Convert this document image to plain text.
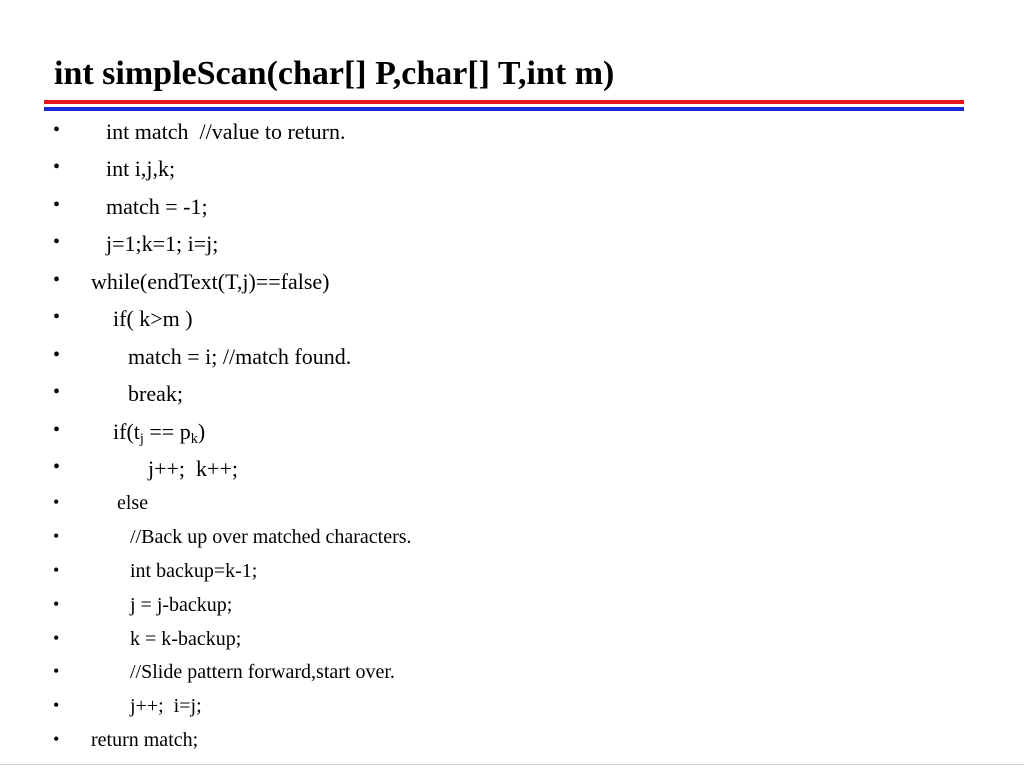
int simpleScan(char[] P,char[] T,int m)
• int match  //value to return.
• int i,j,k;
• match = -1;
• j=1;k=1; i=j;
• while(endText(T,j)==false)
• if( k>m )
•	match = i; //match found.
•	break;
• $if(t_j == p_k)$
•	j++;  k++;
•	else
•	//Back up over matched characters.
•	int backup=k-1;
•	j = j-backup;
•	k = k-backup;
•	//Slide pattern forward,start over.
•	j++;  i=j;
• return match;
